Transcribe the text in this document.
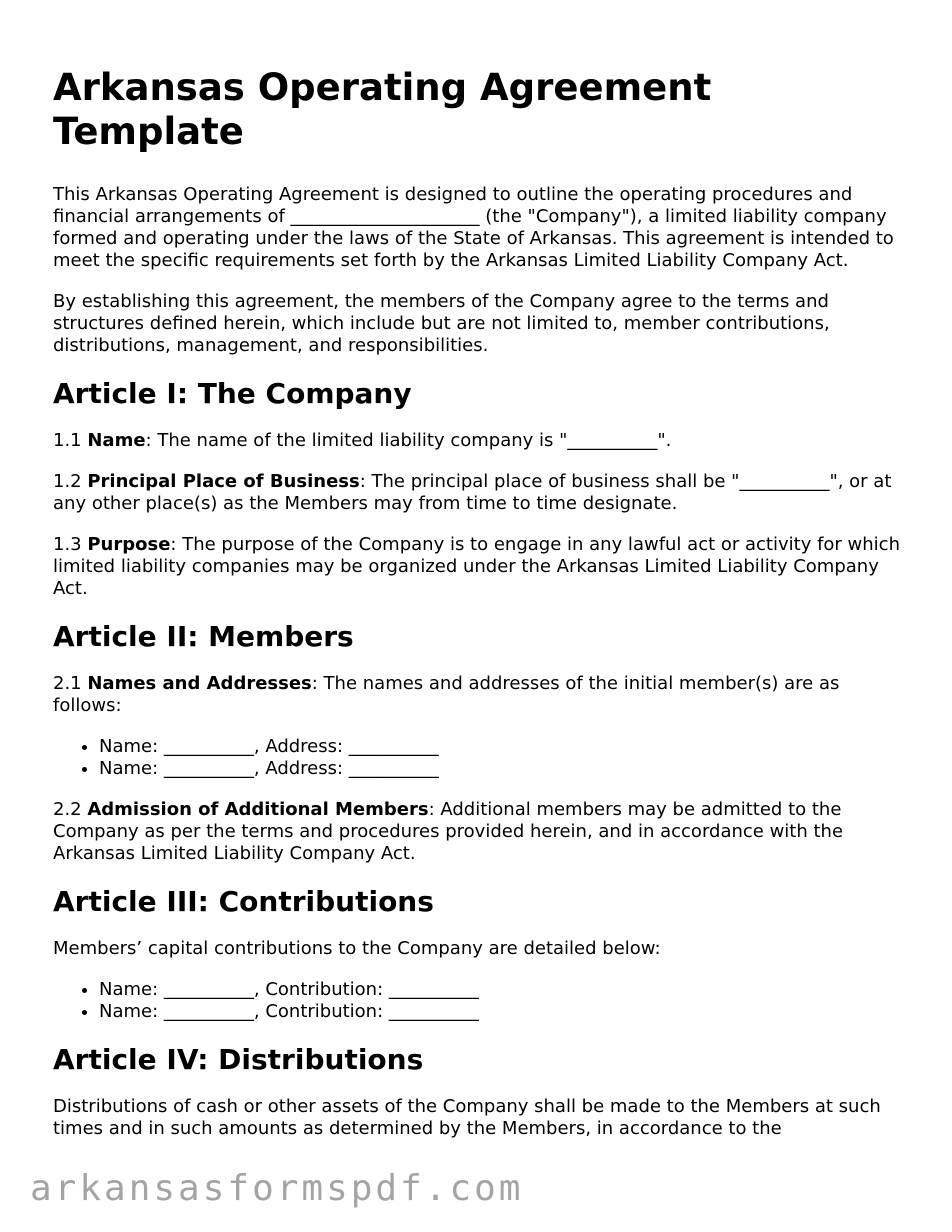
Arkansas Operating Agreement Template

This Arkansas Operating Agreement is designed to outline the operating procedures and financial arrangements of _____________________ (the "Company"), a limited liability company formed and operating under the laws of the State of Arkansas. This agreement is intended to meet the specific requirements set forth by the Arkansas Limited Liability Company Act.

By establishing this agreement, the members of the Company agree to the terms and structures defined herein, which include but are not limited to, member contributions, distributions, management, and responsibilities.

Article I: The Company

1.1 Name: The name of the limited liability company is "__________".

1.2 Principal Place of Business: The principal place of business shall be "__________", or at any other place(s) as the Members may from time to time designate.

1.3 Purpose: The purpose of the Company is to engage in any lawful act or activity for which limited liability companies may be organized under the Arkansas Limited Liability Company Act.

Article II: Members

2.1 Names and Addresses: The names and addresses of the initial member(s) are as follows:

• Name: __________, Address: __________
• Name: __________, Address: __________

2.2 Admission of Additional Members: Additional members may be admitted to the Company as per the terms and procedures provided herein, and in accordance with the Arkansas Limited Liability Company Act.

Article III: Contributions

Members’ capital contributions to the Company are detailed below:

• Name: __________, Contribution: __________
• Name: __________, Contribution: __________
Article IV: Distributions

Distributions of cash or other assets of the Company shall be made to the Members at such times and in such amounts as determined by the Members, in accordance to the

arkansasformspdf.com
